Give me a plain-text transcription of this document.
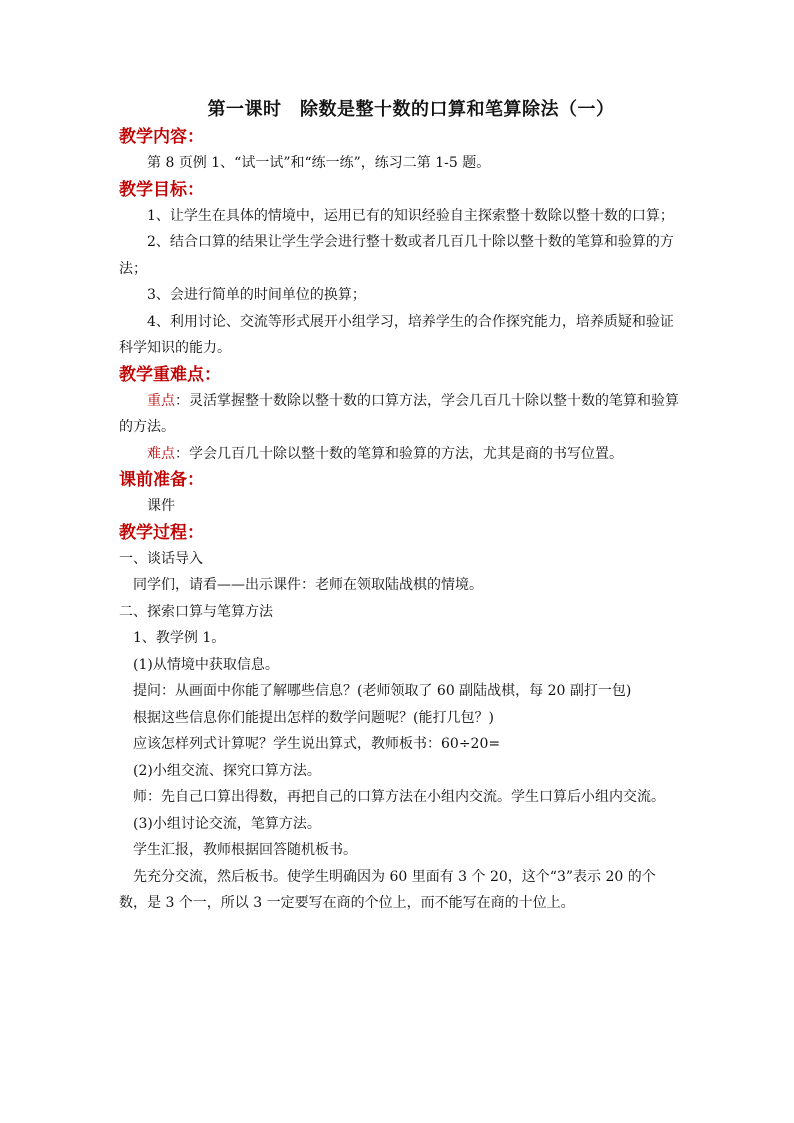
第一课时　除数是整十数的口算和笔算除法（一）
教学内容：

第 8 页例 1、“试一试”和“练一练”，练习二第 1-5 题。

教学目标：

1、让学生在具体的情境中，运用已有的知识经验自主探索整十数除以整十数的口算；

2、结合口算的结果让学生学会进行整十数或者几百几十除以整十数的笔算和验算的方法；

3、会进行简单的时间单位的换算；

4、利用讨论、交流等形式展开小组学习，培养学生的合作探究能力，培养质疑和验证科学知识的能力。

教学重难点：

重点：灵活掌握整十数除以整十数的口算方法，学会几百几十除以整十数的笔算和验算的方法。

难点：学会几百几十除以整十数的笔算和验算的方法，尤其是商的书写位置。

课前准备：

课件

教学过程：

一、谈话导入

同学们，请看——出示课件：老师在领取陆战棋的情境。

二、探索口算与笔算方法

1、教学例 1。

(1)从情境中获取信息。

提问：从画面中你能了解哪些信息？(老师领取了 60 副陆战棋，每 20 副打一包)

根据这些信息你们能提出怎样的数学问题呢？(能打几包？)

应该怎样列式计算呢？学生说出算式，教师板书：60÷20=

(2)小组交流、探究口算方法。

师：先自己口算出得数，再把自己的口算方法在小组内交流。学生口算后小组内交流。

(3)小组讨论交流，笔算方法。

学生汇报，教师根据回答随机板书。

先充分交流，然后板书。使学生明确因为 60 里面有 3 个 20，这个“3”表示 20 的个数，是 3 个一，所以 3 一定要写在商的个位上，而不能写在商的十位上。
